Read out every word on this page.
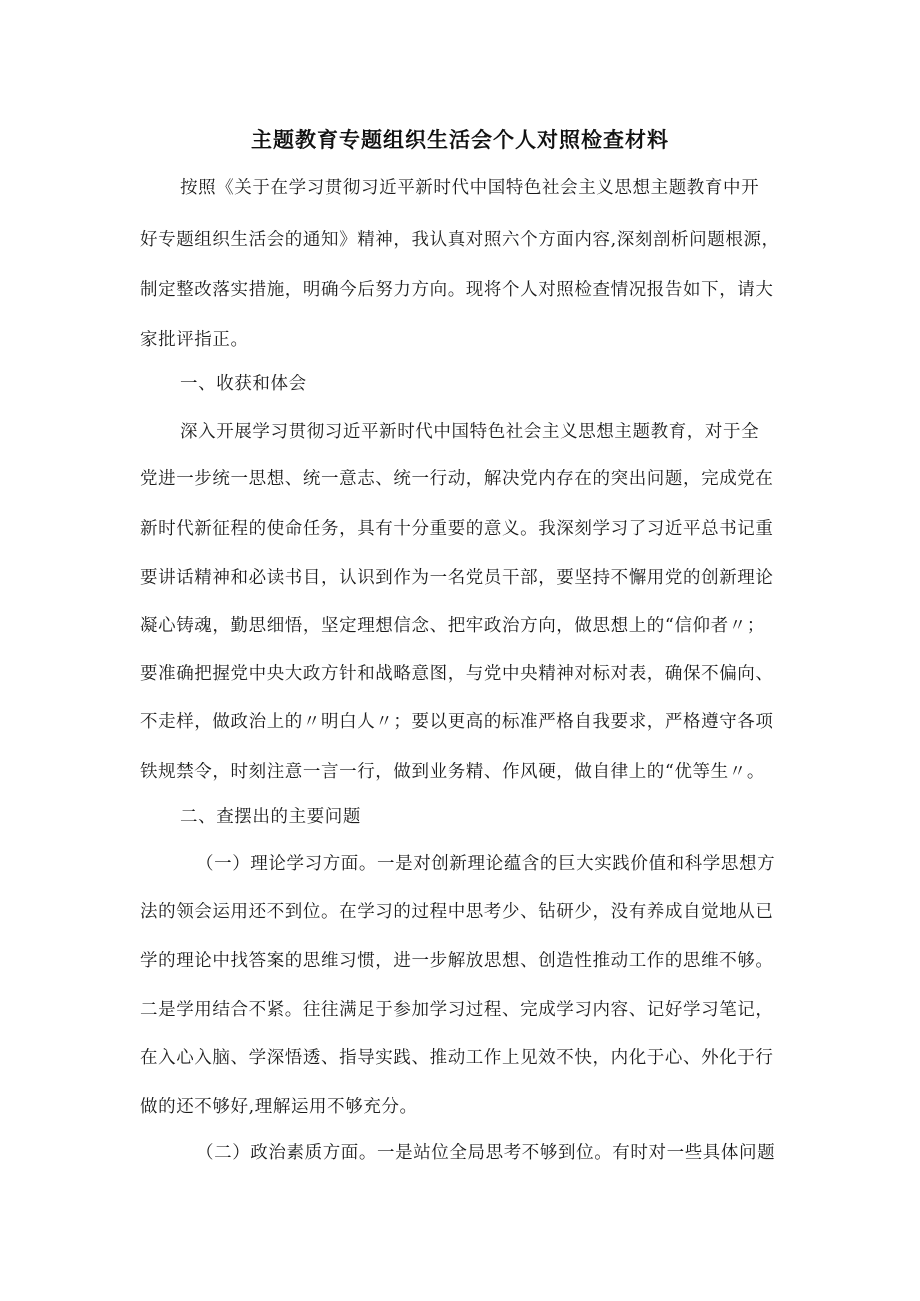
主题教育专题组织生活会个人对照检查材料
按照《关于在学习贯彻习近平新时代中国特色社会主义思想主题教育中开
好专题组织生活会的通知》精神，我认真对照六个方面内容,深刻剖析问题根源，
制定整改落实措施，明确今后努力方向。现将个人对照检查情况报告如下，请大
家批评指正。
一、收获和体会
深入开展学习贯彻习近平新时代中国特色社会主义思想主题教育，对于全
党进一步统一思想、统一意志、统一行动，解决党内存在的突出问题，完成党在
新时代新征程的使命任务，具有十分重要的意义。我深刻学习了习近平总书记重
要讲话精神和必读书目，认识到作为一名党员干部，要坚持不懈用党的创新理论
凝心铸魂，勤思细悟，坚定理想信念、把牢政治方向，做思想上的“信仰者〃；
要准确把握党中央大政方针和战略意图，与党中央精神对标对表，确保不偏向、
不走样，做政治上的〃明白人〃；要以更高的标准严格自我要求，严格遵守各项
铁规禁令，时刻注意一言一行，做到业务精、作风硬，做自律上的“优等生〃。
二、查摆出的主要问题
（一）理论学习方面。一是对创新理论蕴含的巨大实践价值和科学思想方
法的领会运用还不到位。在学习的过程中思考少、钻研少，没有养成自觉地从已
学的理论中找答案的思维习惯，进一步解放思想、创造性推动工作的思维不够。
二是学用结合不紧。往往满足于参加学习过程、完成学习内容、记好学习笔记，
在入心入脑、学深悟透、指导实践、推动工作上见效不快，内化于心、外化于行
做的还不够好,理解运用不够充分。
（二）政治素质方面。一是站位全局思考不够到位。有时对一些具体问题
